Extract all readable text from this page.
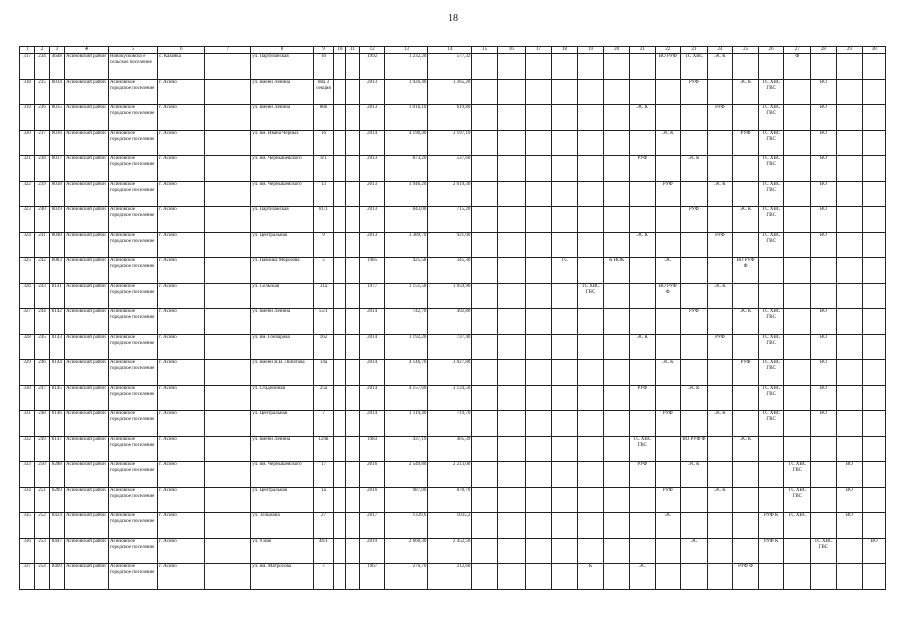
18
1	2	3	4	5	6	7	8	9	10	11	12	13	14	15	16	17	18	19	20	21	22	23	24	25	26	27	28	29	30
317	234	4648	Асиновский район	Новокусковско е сельское поселение	с. Казанка		ул. Партизанская	16			1992	1 232,20	577,32								ВО РУФ	ТС ХВС	ЭС К			Ф			
318	235	8034	Асиновский район	Асиновское городское поселение	г. Асино		ул. имени Ленина	88а 3 секция			2013	1 926,40	1 365,20									РУФ		ЭС К	ТС ХВС ГВС		ВО		
319	236	8035	Асиновский район	Асиновское городское поселение	г. Асино		ул. имени Ленина	88б			2013	1 016,10	619,80							ЭС К			РУФ		ТС ХВС ГВС		ВО		
320	237	8036	Асиновский район	Асиновское городское поселение	г. Асино		ул. им. Ивана Черных	16			2014	4 190,40	3 197,10								ЭС К			РУФ	ТС ХВС ГВС		ВО		
321	238	8037	Асиновский район	Асиновское городское поселение	г. Асино		ул. им. Чернышевского	4/1			2013	873,20	537,60							РУФ		ЭС К			ТС ХВС ГВС		ВО		
322	239	8038	Асиновский район	Асиновское городское поселение	г. Асино		ул. им. Чернышевского	13			2013	3 946,20	2 619,30								РУФ		ЭС К		ТС ХВС ГВС		ВО		
323	240	8039	Асиновский район	Асиновское городское поселение	г. Асино		ул. Партизанская	81/1			2013	843,00	715,20									РУФ		ЭС К	ТС ХВС ГВС		ВО		
324	241	8040	Асиновский район	Асиновское городское поселение	г. Асино		ул. Центральная	9			2013	1 389,70	921,00							ЭС К			РУФ		ТС ХВС ГВС		ВО		
325	242	8083	Асиновский район	Асиновское городское поселение	г. Асино		ул. Павлика Морозова	5			1985	425,58	345,30				ТС		К НОК		ЭС			ВО РУФ Ф					
326	243	8141	Асиновский район	Асиновское городское поселение	г. Асино		ул. Сельская	31а			1977	1 151,58	1 059,96					ТС ХВС ГВС			ВО РУФ Ф		ЭС К						
327	244	8142	Асиновский район	Асиновское городское поселение	г. Асино		ул. имени Ленина	55/1			2014	742,70	492,80									РУФ		ЭС К	ТС ХВС ГВС		ВО		
328	245	8143	Асиновский район	Асиновское городское поселение	г. Асино		ул. им. Гончарова	162			2014	1 192,20	737,40							ЭС К			РУФ		ТС ХВС ГВС		ВО		
329	246	8144	Асиновский район	Асиновское городское поселение	г. Асино		ул. имени В.В. Липатова	14а			2014	4 146,70	3 027,80								ЭС К			РУФ	ТС ХВС ГВС		ВО		
330	247	8145	Асиновский район	Асиновское городское поселение	г. Асино		ул. Стадионная	25а			2014	4 157,60	3 124,50							РУФ		ЭС К			ТС ХВС ГВС		ВО		
331	248	8146	Асиновский район	Асиновское городское поселение	г. Асино		ул. Центральная	7			2014	1 119,40	719,70								РУФ		ЭС К		ТС ХВС ГВС		ВО		
332	249	8147	Асиновский район	Асиновское городское поселение	г. Асино		ул. имени Ленина	129в			1983	437,19	405,39							ТС ХВС ГВС		ВО РУФ Ф		ЭС К					
333	250	8288	Асиновский район	Асиновское городское поселение	г. Асино		ул. им. Чернышевского	17			2016	2 549,80	2 213,00							РУФ		ЭС К				ТС ХВС ГВС		ВО	
334	251	8289	Асиновский район	Асиновское городское поселение	г. Асино		ул. Центральная	1а			2016	987,00	870,70								РУФ		ЭС К			ТС ХВС ГВС		ВО	
335	252	8424	Асиновский район	Асиновское городское поселение	г. Асино		ул. Тельмана	27			2017	1339,6	1035,3								ЭС				РУФ К	ТС ХВС		ВО	
336	253	8447	Асиновский район	Асиновское городское поселение	г. Асино		ул. 9 мая	46/1			2019	2 660,30	2 452,50									ЭС			РУФ К		ТС ХВС ГВС		ВО
337	254	8469	Асиновский район	Асиновское городское поселение	г. Асино		ул. им. Матросова	7			1967	276,70	212,60					К		ЭС				РУФ Ф					
